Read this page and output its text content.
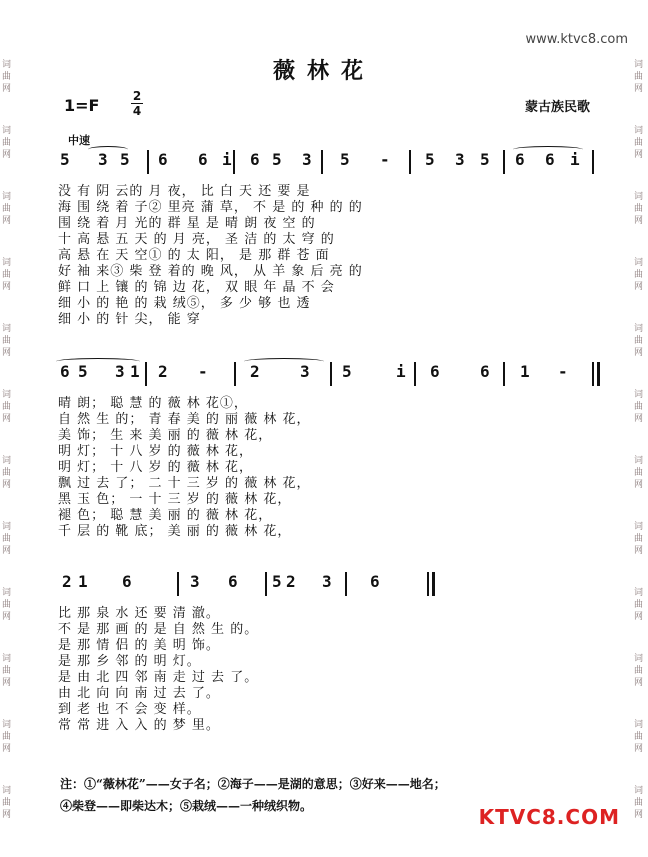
词
曲
网
词
曲
网
词
曲
网
词
曲
网
词
曲
网
词
曲
网
词
曲
网
词
曲
网
词
曲
网
词
曲
网
词
曲
网
词
曲
网
词
曲
网
词
曲
网
词
曲
网
词
曲
网
词
曲
网
词
曲
网
词
曲
网
词
曲
网
词
曲
网
词
曲
网
词
曲
网
词
曲
网
www.ktvc8.com
薇林花
1=F	2
4	蒙古族民歌
中速
5 3 5 6 6 i 6 5 3 5 - 5 3 5 6 6 i
没 有 阴 云的 月 夜， 比 白 天 还 要 是
海 围 绕 着 子② 里亮 蒲 草， 不 是 的 种 的 的
围 绕 着 月 光的 群 星 是 晴 朗 夜 空 的
十 高 悬 五 天 的 月 亮， 圣 洁 的 太 穹 的
高 悬 在 天 空① 的 太 阳， 是 那 群 苍 面
好 袖 来③ 柴 登 着的 晚 风， 从 羊 象 后 亮 的
鲜 口 上 镶 的 锦 边 花， 双 眼 年 晶 不 会
细 小 的 艳 的 栽 绒⑤， 多 少 够 也 透
细 小 的 针 尖， 能 穿
6 5 3 1 2 -	2	3 5	i 6	6 1 -
晴 朗； 聪 慧 的 薇 林 花①，
自 然 生 的； 青 春 美 的 丽 薇 林 花，
美 饰； 生 来 美 丽 的 薇 林 花，
明 灯； 十 八 岁 的 薇 林 花，
明 灯； 十 八 岁 的 薇 林 花，
飘 过 去 了； 二 十 三 岁 的 薇 林 花，
黑 玉 色； 一 十 三 岁 的 薇 林 花，
褪 色； 聪 慧 美 丽 的 薇 林 花，
千 层 的 靴 底； 美 丽 的 薇 林 花，
2 1 6	3 6 5 2 3 6
比 那 泉 水 还 要 清 澈。
不 是 那 画 的 是 自 然 生 的。
是 那 情 侣 的 美 明 饰。
是 那 乡 邻 的 明 灯。
是 由 北 四 邻 南 走 过 去 了。
由 北 向 向 南 过 去 了。
到 老 也 不 会 变 样。
常 常 进 入 入 的 梦 里。
注：①“薇林花”——女子名；②海子——是湖的意思；③好来——地名；
④柴登——即柴达木；⑤栽绒——一种绒织物。	KTVC8.COM
